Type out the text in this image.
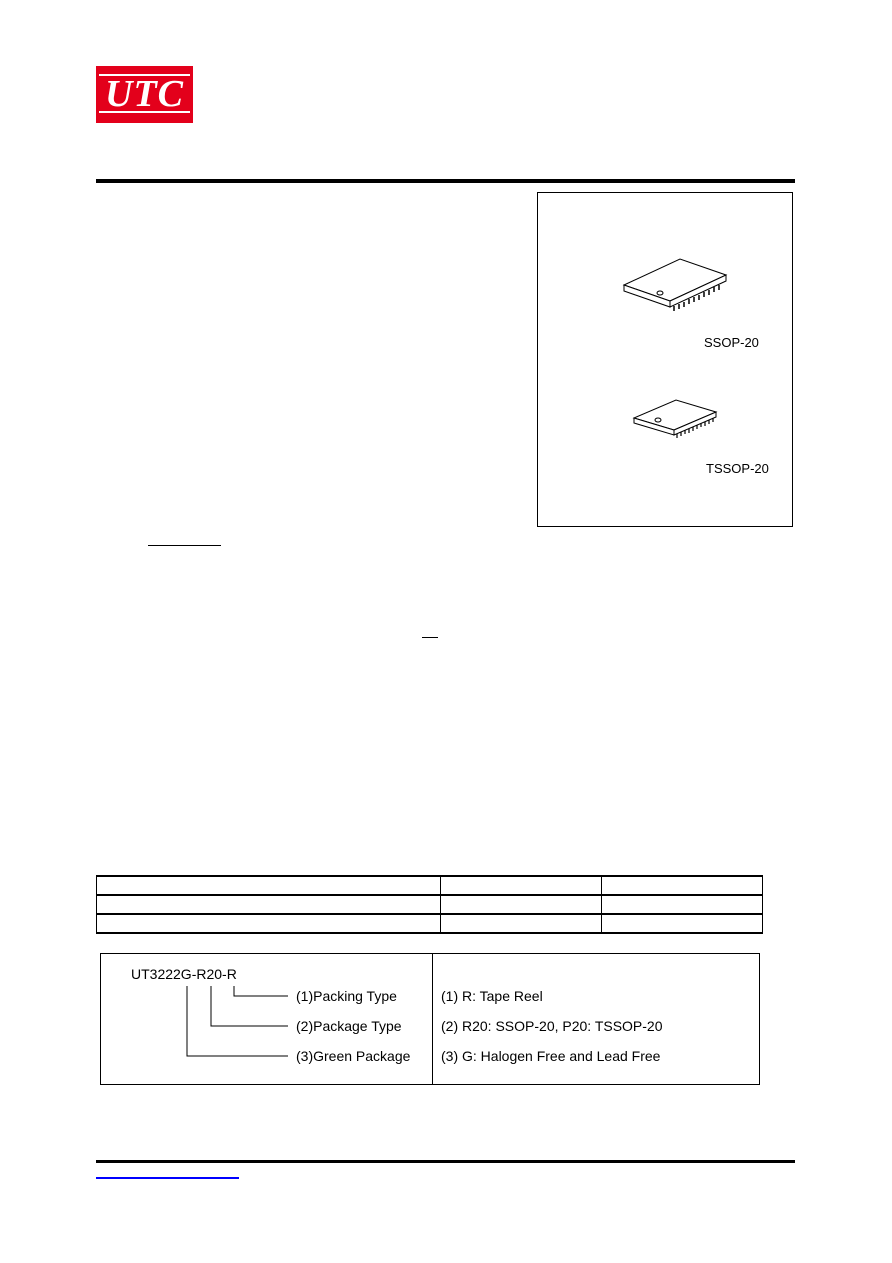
UTC
SSOP-20
TSSOP-20
UT3222G-R20-R
(1)Packing Type
(2)Package Type
(3)Green Package
(1) R: Tape Reel
(2) R20: SSOP-20, P20: TSSOP-20
(3) G: Halogen Free and Lead Free
